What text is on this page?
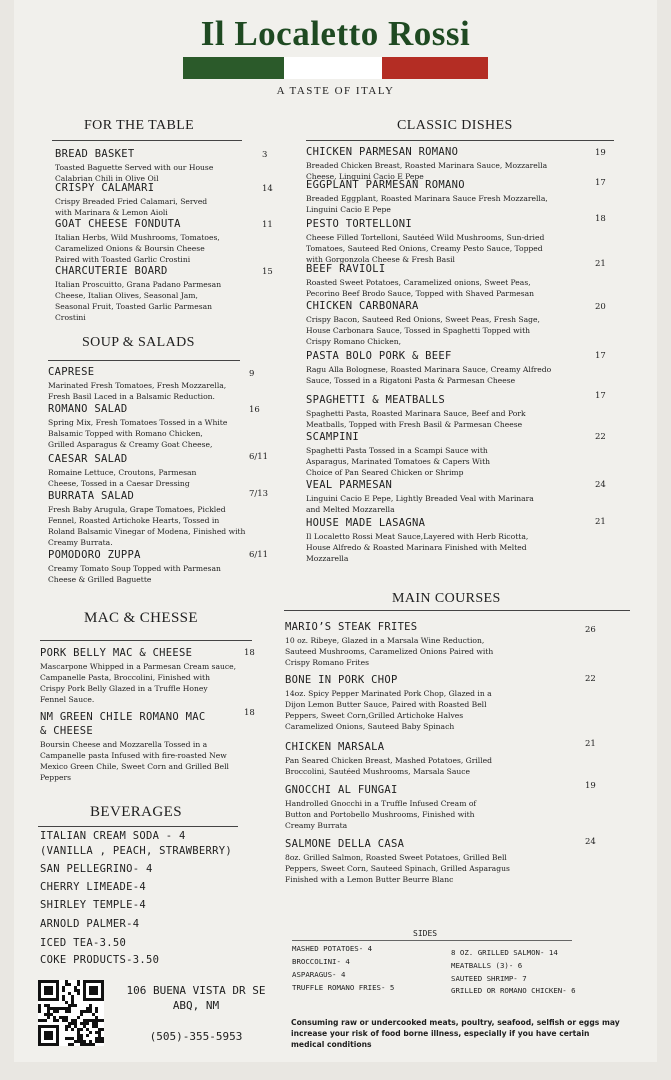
Il Localetto Rossi
A TASTE OF ITALY
FOR THE TABLE
BREAD BASKET	3
Toasted Baguette Served with our House
Calabrian Chili in Olive Oil
CRISPY CALAMARI	14
Crispy Breaded Fried Calamari, Served
with Marinara & Lemon Aioli
GOAT CHEESE FONDUTA	11
Italian Herbs, Wild Mushrooms, Tomatoes,
Caramelized Onions & Boursin Cheese
Paired with Toasted Garlic Crostini
CHARCUTERIE BOARD	15
Italian Proscuitto, Grana Padano Parmesan
Cheese, Italian Olives, Seasonal Jam,
Seasonal Fruit, Toasted Garlic Parmesan
Crostini
SOUP & SALADS
CAPRESE	9
Marinated Fresh Tomatoes, Fresh Mozzarella,
Fresh Basil Laced in a Balsamic Reduction.
ROMANO SALAD	16
Spring Mix, Fresh Tomatoes Tossed in a White
Balsamic Topped with Romano Chicken,
Grilled Asparagus & Creamy Goat Cheese,
CAESAR SALAD	6/11
Romaine Lettuce, Croutons, Parmesan
Cheese, Tossed in a Caesar Dressing
BURRATA SALAD	7/13
Fresh Baby Arugula, Grape Tomatoes, Pickled
Fennel, Roasted Artichoke Hearts, Tossed in
Roland Balsamic Vinegar of Modena, Finished with
Creamy Burrata.
POMODORO ZUPPA	6/11
Creamy Tomato Soup Topped with Parmesan
Cheese & Grilled Baguette
MAC & CHESSE
PORK BELLY MAC & CHEESE	18
Mascarpone Whipped in a Parmesan Cream sauce,
Campanelle Pasta, Broccolini, Finished with
Crispy Pork Belly Glazed in a Truffle Honey
Fennel Sauce.
NM GREEN CHILE ROMANO MAC
& CHEESE
18
Boursin Cheese and Mozzarella Tossed in a
Campanelle pasta Infused with fire-roasted New
Mexico Green Chile, Sweet Corn and Grilled Bell
Peppers
BEVERAGES
ITALIAN CREAM SODA - 4
(VANILLA , PEACH, STRAWBERRY)
SAN PELLEGRINO- 4
CHERRY LIMEADE-4
SHIRLEY TEMPLE-4
ARNOLD PALMER-4
ICED TEA-3.50
COKE PRODUCTS-3.50
106 BUENA VISTA DR SE
ABQ, NM
(505)-355-5953
CLASSIC DISHES
CHICKEN PARMESAN ROMANO	19
Breaded Chicken Breast, Roasted Marinara Sauce, Mozzarella
Cheese, Linguini Cacio E Pepe
EGGPLANT PARMESAN ROMANO	17
Breaded Eggplant, Roasted Marinara Sauce Fresh Mozzarella,
Linguini Cacio E Pepe
PESTO TORTELLONI	18
Cheese Filled Tortelloni, Sautéed Wild Mushrooms, Sun-dried
Tomatoes, Sauteed Red Onions, Creamy Pesto Sauce, Topped
with Gorgonzola Cheese & Fresh Basil
BEEF RAVIOLI	21
Roasted Sweet Potatoes, Caramelized onions, Sweet Peas,
Pecorino Beef Brodo Sauce, Topped with Shaved Parmesan
CHICKEN CARBONARA	20
Crispy Bacon, Sauteed Red Onions, Sweet Peas, Fresh Sage,
House Carbonara Sauce, Tossed in Spaghetti Topped with
Crispy Romano Chicken,
PASTA BOLO PORK & BEEF	17
Ragu Alla Bolognese, Roasted Marinara Sauce, Creamy Alfredo
Sauce, Tossed in a Rigatoni Pasta & Parmesan Cheese
SPAGHETTI & MEATBALLS	17
Spaghetti Pasta, Roasted Marinara Sauce, Beef and Pork
Meatballs, Topped with Fresh Basil & Parmesan Cheese
SCAMPINI	22
Spaghetti Pasta Tossed in a Scampi Sauce with
Asparagus, Marinated Tomatoes & Capers With
Choice of Pan Seared Chicken or Shrimp
VEAL PARMESAN	24
Linguini Cacio E Pepe, Lightly Breaded Veal with Marinara
and Melted Mozzarella
HOUSE MADE LASAGNA	21
Il Localetto Rossi Meat Sauce,Layered with Herb Ricotta,
House Alfredo & Roasted Marinara Finished with Melted
Mozzarella
MAIN COURSES
MARIO’S STEAK FRITES	26
10 oz. Ribeye, Glazed in a Marsala Wine Reduction,
Sauteed Mushrooms, Caramelized Onions Paired with
Crispy Romano Frites
BONE IN PORK CHOP	22
14oz. Spicy Pepper Marinated Pork Chop, Glazed in a
Dijon Lemon Butter Sauce, Paired with Roasted Bell
Peppers, Sweet Corn,Grilled Artichoke Halves
Caramelized Onions, Sauteed Baby Spinach
CHICKEN MARSALA	21
Pan Seared Chicken Breast, Mashed Potatoes, Grilled
Broccolini, Sautéed Mushrooms, Marsala Sauce
GNOCCHI AL FUNGAI	19
Handrolled Gnocchi in a Truffle Infused Cream of
Button and Portobello Mushrooms, Finished with
Creamy Burrata
SALMONE DELLA CASA	24
8oz. Grilled Salmon, Roasted Sweet Potatoes, Grilled Bell
Peppers, Sweet Corn, Sauteed Spinach, Grilled Asparagus
Finished with a Lemon Butter Beurre Blanc
SIDES
MASHED POTATOES- 4
BROCCOLINI- 4
ASPARAGUS- 4
TRUFFLE ROMANO FRIES- 5
8 OZ. GRILLED SALMON- 14
MEATBALLS (3)- 6
SAUTEED SHRIMP- 7
GRILLED OR ROMANO CHICKEN- 6
Consuming raw or undercooked meats, poultry, seafood, selfish or eggs may
increase your risk of food borne illness, especially if you have certain
medical conditions
